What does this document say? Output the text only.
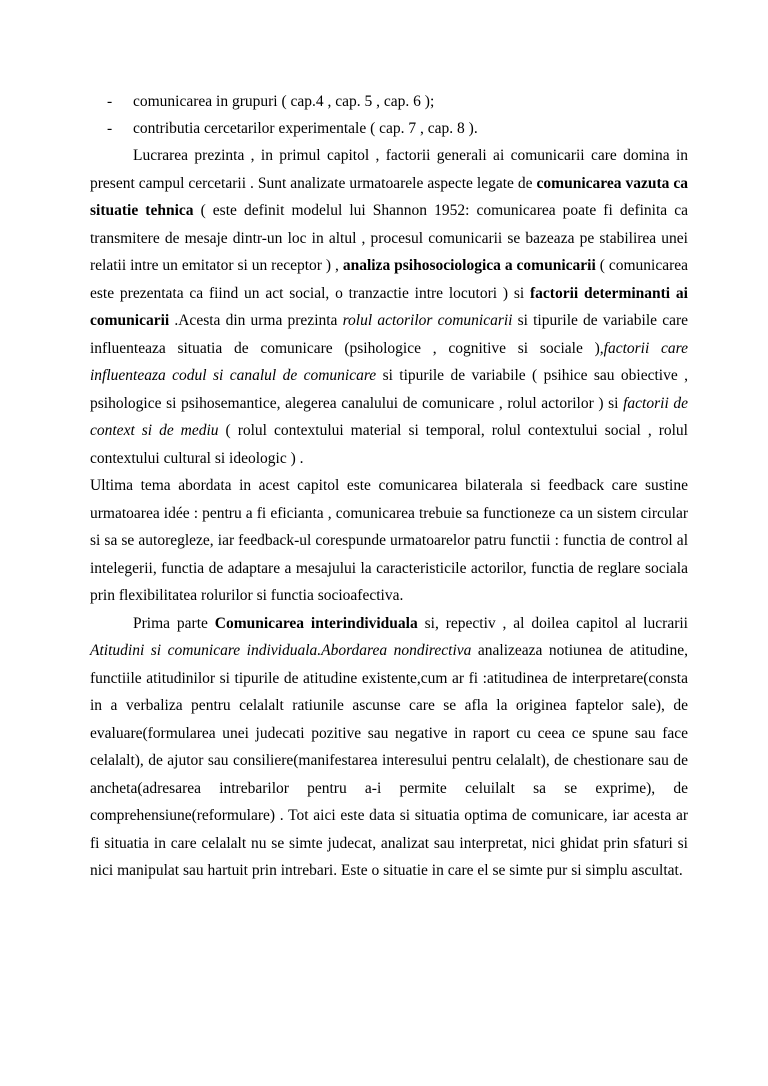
- comunicarea in grupuri ( cap.4 , cap. 5 , cap. 6 );
- contributia cercetarilor experimentale ( cap. 7 , cap. 8 ).

Lucrarea prezinta , in primul capitol , factorii generali ai comunicarii care domina in present campul cercetarii . Sunt analizate urmatoarele aspecte legate de comunicarea vazuta ca situatie tehnica ( este definit modelul lui Shannon 1952: comunicarea poate fi definita ca transmitere de mesaje dintr-un loc in altul , procesul comunicarii se bazeaza pe stabilirea unei relatii intre un emitator si un receptor ) , analiza psihosociologica a comunicarii ( comunicarea este prezentata ca fiind un act social, o tranzactie intre locutori ) si factorii determinanti ai comunicarii .Acesta din urma prezinta rolul actorilor comunicarii si tipurile de variabile care influenteaza situatia de comunicare (psihologice , cognitive si sociale ),factorii care influenteaza codul si canalul de comunicare si tipurile de variabile ( psihice sau obiective , psihologice si psihosemantice, alegerea canalului de comunicare , rolul actorilor ) si factorii de context si de mediu ( rolul contextului material si temporal, rolul contextului social , rolul contextului cultural si ideologic ) .

Ultima tema abordata in acest capitol este comunicarea bilaterala si feedback care sustine urmatoarea idée : pentru a fi eficianta , comunicarea trebuie sa functioneze ca un sistem circular si sa se autoregleze, iar feedback-ul corespunde urmatoarelor patru functii : functia de control al intelegerii, functia de adaptare a mesajului la caracteristicile actorilor, functia de reglare sociala prin flexibilitatea rolurilor si functia socioafectiva.

Prima parte Comunicarea interindividuala si, repectiv , al doilea capitol al lucrarii Atitudini si comunicare individuala.Abordarea nondirectiva analizeaza notiunea de atitudine, functiile atitudinilor si tipurile de atitudine existente,cum ar fi :atitudinea de interpretare(consta in a verbaliza pentru celalalt ratiunile ascunse care se afla la originea faptelor sale), de evaluare(formularea unei judecati pozitive sau negative in raport cu ceea ce spune sau face celalalt), de ajutor sau consiliere(manifestarea interesului pentru celalalt), de chestionare sau de ancheta(adresarea intrebarilor pentru a-i permite celuilalt sa se exprime), de comprehensiune(reformulare) . Tot aici este data si situatia optima de comunicare, iar acesta ar fi situatia in care celalalt nu se simte judecat, analizat sau interpretat, nici ghidat prin sfaturi si nici manipulat sau hartuit prin intrebari. Este o situatie in care el se simte pur si simplu ascultat.
